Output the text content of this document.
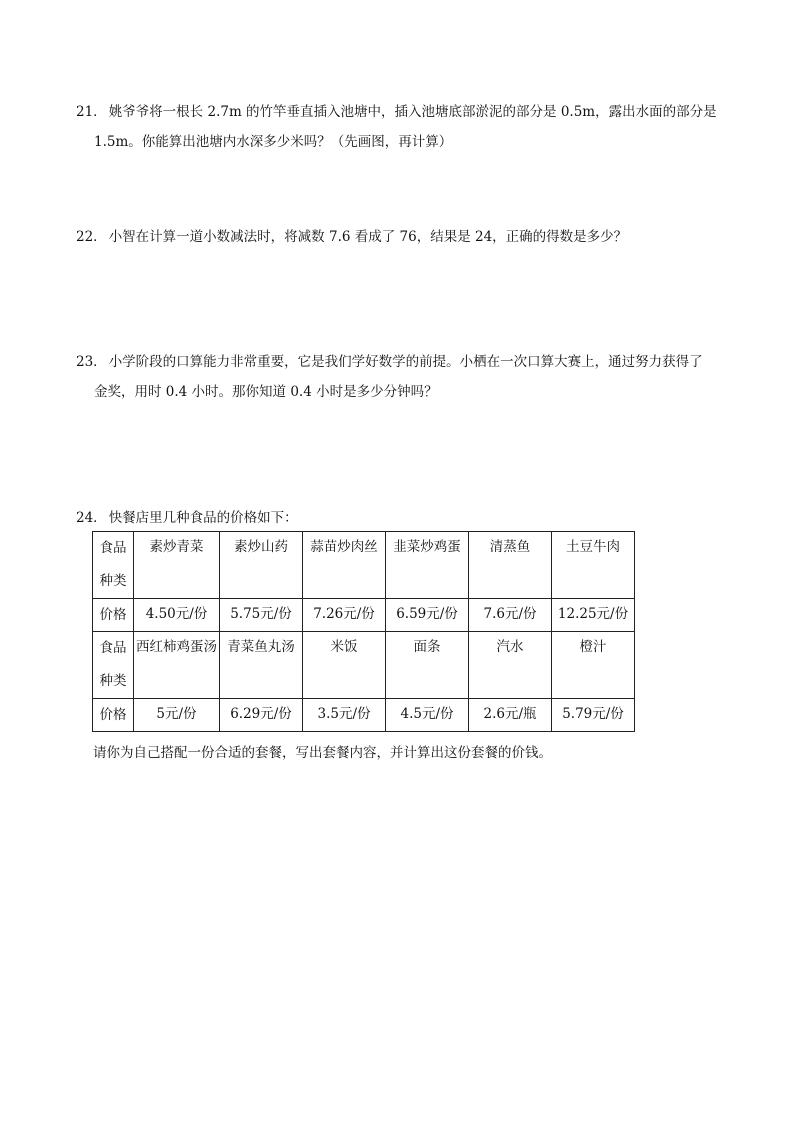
21． 姚爷爷将一根长 2.7m 的竹竿垂直插入池塘中，插入池塘底部淤泥的部分是 0.5m，露出水面的部分是
1.5m。你能算出池塘内水深多少米吗？（先画图，再计算）
22． 小智在计算一道小数减法时，将减数 7.6 看成了 76，结果是 24，正确的得数是多少？
23． 小学阶段的口算能力非常重要，它是我们学好数学的前提。小栖在一次口算大赛上，通过努力获得了
金奖，用时 0.4 小时。那你知道 0.4 小时是多少分钟吗？
24． 快餐店里几种食品的价格如下：
食品种类	素炒青菜	素炒山药	蒜苗炒肉丝	韭菜炒鸡蛋	清蒸鱼	土豆牛肉
价格	4.50元/份	5.75元/份	7.26元/份	6.59元/份	7.6元/份	12.25元/份
食品种类	西红柿鸡蛋汤	青菜鱼丸汤	米饭	面条	汽水	橙汁
价格	5元/份	6.29元/份	3.5元/份	4.5元/份	2.6元/瓶	5.79元/份
请你为自己搭配一份合适的套餐，写出套餐内容，并计算出这份套餐的价钱。
